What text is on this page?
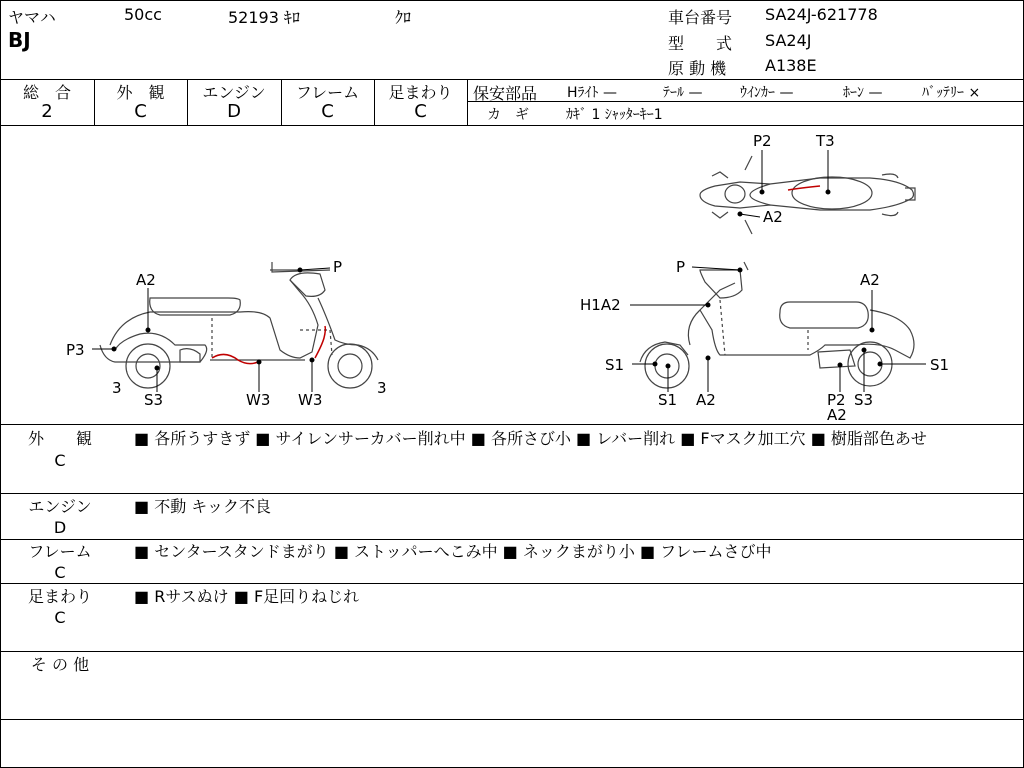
ヤマハ	50cc	52193 ｷﾛ	ｸﾛ
BJ
車台番号 SA24J-621778
型　　式 SA24J
原 動 機 A138E
総　合
2
外　観
C
エンジン
D
フレーム
C
足まわり
C
保安部品 Hﾗｲﾄ —	ﾃｰﾙ —	ｳｲﾝｶｰ —	ﾎｰﾝ —	ﾊﾞｯﾃﾘｰ ×
カ　ギ	ｶｷﾞ 1 ｼｬｯﾀｰｷｰ1
P
A2
P3
3
S3	W3 W3
3
P2	T3
A2
P
A2
H1A2
S1
S1 A2
S1
P2 S3
A2
外　　観
C
■ 各所うすきず ■ サイレンサーカバー削れ中 ■ 各所さび小 ■ レバー削れ ■ Fマスク加工穴 ■ 樹脂部色あせ
エンジン
D
■ 不動 キック不良
フレーム
C
■ センタースタンドまがり ■ ストッパーへこみ中 ■ ネックまがり小 ■ フレームさび中
足まわり
C
■ Rサスぬけ ■ F足回りねじれ
そ の 他
